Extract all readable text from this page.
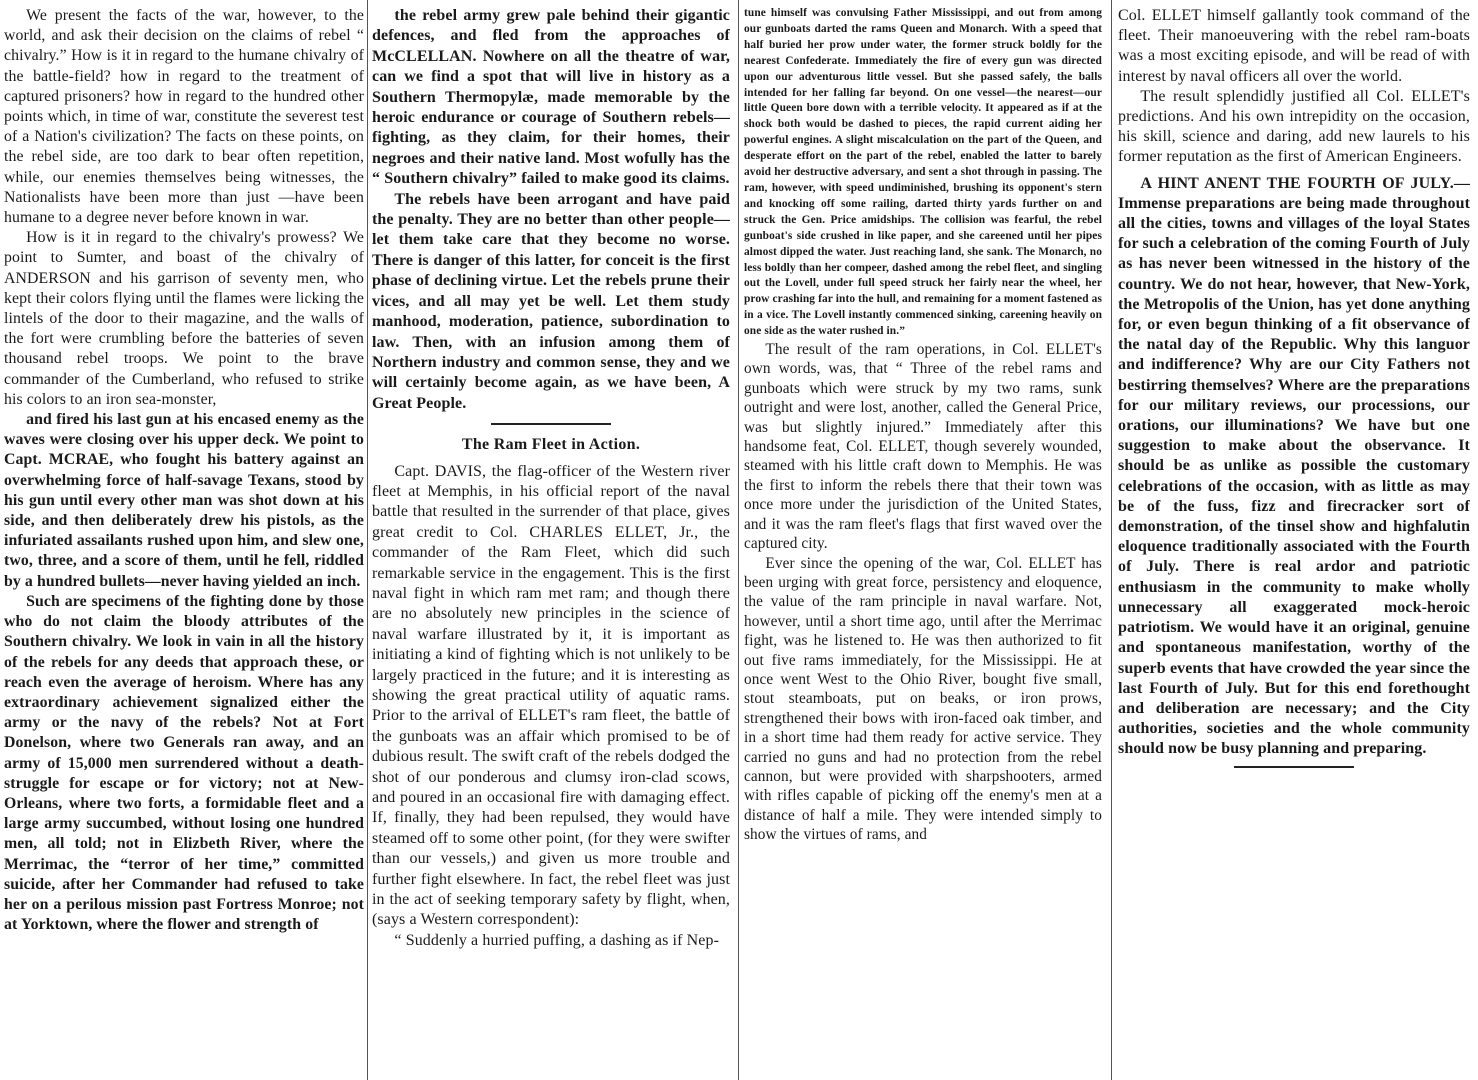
We present the facts of the war, however, to the world, and ask their decision on the claims of rebel “ chivalry.” How is it in regard to the humane chivalry of the battle-field? how in regard to the treatment of captured prisoners? how in regard to the hundred other points which, in time of war, constitute the severest test of a Nation's civilization? The facts on these points, on the rebel side, are too dark to bear often repetition, while, our enemies themselves being witnesses, the Nationalists have been more than just —have been humane to a degree never before known in war.

How is it in regard to the chivalry's prowess? We point to Sumter, and boast of the chivalry of ANDERSON and his garrison of seventy men, who kept their colors flying until the flames were licking the lintels of the door to their magazine, and the walls of the fort were crumbling before the batteries of seven thousand rebel troops. We point to the brave commander of the Cumberland, who refused to strike his colors to an iron sea-monster,

and fired his last gun at his encased enemy as the waves were closing over his upper deck. We point to Capt. MCRAE, who fought his battery against an overwhelming force of half-savage Texans, stood by his gun until every other man was shot down at his side, and then deliberately drew his pistols, as the infuriated assailants rushed upon him, and slew one, two, three, and a score of them, until he fell, riddled by a hundred bullets—never having yielded an inch.

Such are specimens of the fighting done by those who do not claim the bloody attributes of the Southern chivalry. We look in vain in all the history of the rebels for any deeds that approach these, or reach even the average of heroism. Where has any extraordinary achievement signalized either the army or the navy of the rebels? Not at Fort Donelson, where two Generals ran away, and an army of 15,000 men surrendered without a death-struggle for escape or for victory; not at New-Orleans, where two forts, a formidable fleet and a large army succumbed, without losing one hundred men, all told; not in Elizbeth River, where the Merrimac, the “terror of her time,” committed suicide, after her Commander had refused to take her on a perilous mission past Fortress Monroe; not at Yorktown, where the flower and strength of

the rebel army grew pale behind their gigantic defences, and fled from the approaches of McCLELLAN. Nowhere on all the theatre of war, can we find a spot that will live in history as a Southern Thermopylæ, made memorable by the heroic endurance or courage of Southern rebels—fighting, as they claim, for their homes, their negroes and their native land. Most wofully has the “ Southern chivalry” failed to make good its claims.

The rebels have been arrogant and have paid the penalty. They are no better than other people—let them take care that they become no worse. There is danger of this latter, for conceit is the first phase of declining virtue. Let the rebels prune their vices, and all may yet be well. Let them study manhood, moderation, patience, subordination to law. Then, with an infusion among them of Northern industry and common sense, they and we will certainly become again, as we have been, A Great People.

The Ram Fleet in Action.

Capt. DAVIS, the flag-officer of the Western river fleet at Memphis, in his official report of the naval battle that resulted in the surrender of that place, gives great credit to Col. CHARLES ELLET, Jr., the commander of the Ram Fleet, which did such remarkable service in the engagement. This is the first naval fight in which ram met ram; and though there are no absolutely new principles in the science of naval warfare illustrated by it, it is important as initiating a kind of fighting which is not unlikely to be largely practiced in the future; and it is interesting as showing the great practical utility of aquatic rams. Prior to the arrival of ELLET's ram fleet, the battle of the gunboats was an affair which promised to be of dubious result. The swift craft of the rebels dodged the shot of our ponderous and clumsy iron-clad scows, and poured in an occasional fire with damaging effect. If, finally, they had been repulsed, they would have steamed off to some other point, (for they were swifter than our vessels,) and given us more trouble and further fight elsewhere. In fact, the rebel fleet was just in the act of seeking temporary safety by flight, when, (says a Western correspondent):

“ Suddenly a hurried puffing, a dashing as if Nep-

tune himself was convulsing Father Mississippi, and out from among our gunboats darted the rams Queen and Monarch. With a speed that half buried her prow under water, the former struck boldly for the nearest Confederate. Immediately the fire of every gun was directed upon our adventurous little vessel. But she passed safely, the balls intended for her falling far beyond. On one vessel—the nearest—our little Queen bore down with a terrible velocity. It appeared as if at the shock both would be dashed to pieces, the rapid current aiding her powerful engines. A slight miscalculation on the part of the Queen, and desperate effort on the part of the rebel, enabled the latter to barely avoid her destructive adversary, and sent a shot through in passing. The ram, however, with speed undiminished, brushing its opponent's stern and knocking off some railing, darted thirty yards further on and struck the Gen. Price amidships. The collision was fearful, the rebel gunboat's side crushed in like paper, and she careened until her pipes almost dipped the water. Just reaching land, she sank. The Monarch, no less boldly than her compeer, dashed among the rebel fleet, and singling out the Lovell, under full speed struck her fairly near the wheel, her prow crashing far into the hull, and remaining for a moment fastened as in a vice. The Lovell instantly commenced sinking, careening heavily on one side as the water rushed in.”

The result of the ram operations, in Col. ELLET's own words, was, that “ Three of the rebel rams and gunboats which were struck by my two rams, sunk outright and were lost, another, called the General Price, was but slightly injured.” Immediately after this handsome feat, Col. ELLET, though severely wounded, steamed with his little craft down to Memphis. He was the first to inform the rebels there that their town was once more under the jurisdiction of the United States, and it was the ram fleet's flags that first waved over the captured city.

Ever since the opening of the war, Col. ELLET has been urging with great force, persistency and eloquence, the value of the ram principle in naval warfare. Not, however, until a short time ago, until after the Merrimac fight, was he listened to. He was then authorized to fit out five rams immediately, for the Mississippi. He at once went West to the Ohio River, bought five small, stout steamboats, put on beaks, or iron prows, strengthened their bows with iron-faced oak timber, and in a short time had them ready for active service. They carried no guns and had no protection from the rebel cannon, but were provided with sharpshooters, armed with rifles capable of picking off the enemy's men at a distance of half a mile. They were intended simply to show the virtues of rams, and

Col. ELLET himself gallantly took command of the fleet. Their manoeuvering with the rebel ram-boats was a most exciting episode, and will be read of with interest by naval officers all over the world.

The result splendidly justified all Col. ELLET's predictions. And his own intrepidity on the occasion, his skill, science and daring, add new laurels to his former reputation as the first of American Engineers.

A HINT ANENT THE FOURTH OF JULY.—Immense preparations are being made throughout all the cities, towns and villages of the loyal States for such a celebration of the coming Fourth of July as has never been witnessed in the history of the country. We do not hear, however, that New-York, the Metropolis of the Union, has yet done anything for, or even begun thinking of a fit observance of the natal day of the Republic. Why this languor and indifference? Why are our City Fathers not bestirring themselves? Where are the preparations for our military reviews, our processions, our orations, our illuminations? We have but one suggestion to make about the observance. It should be as unlike as possible the customary celebrations of the occasion, with as little as may be of the fuss, fizz and firecracker sort of demonstration, of the tinsel show and highfalutin eloquence traditionally associated with the Fourth of July. There is real ardor and patriotic enthusiasm in the community to make wholly unnecessary all exaggerated mock-heroic patriotism. We would have it an original, genuine and spontaneous manifestation, worthy of the superb events that have crowded the year since the last Fourth of July. But for this end forethought and deliberation are necessary; and the City authorities, societies and the whole community should now be busy planning and preparing.
